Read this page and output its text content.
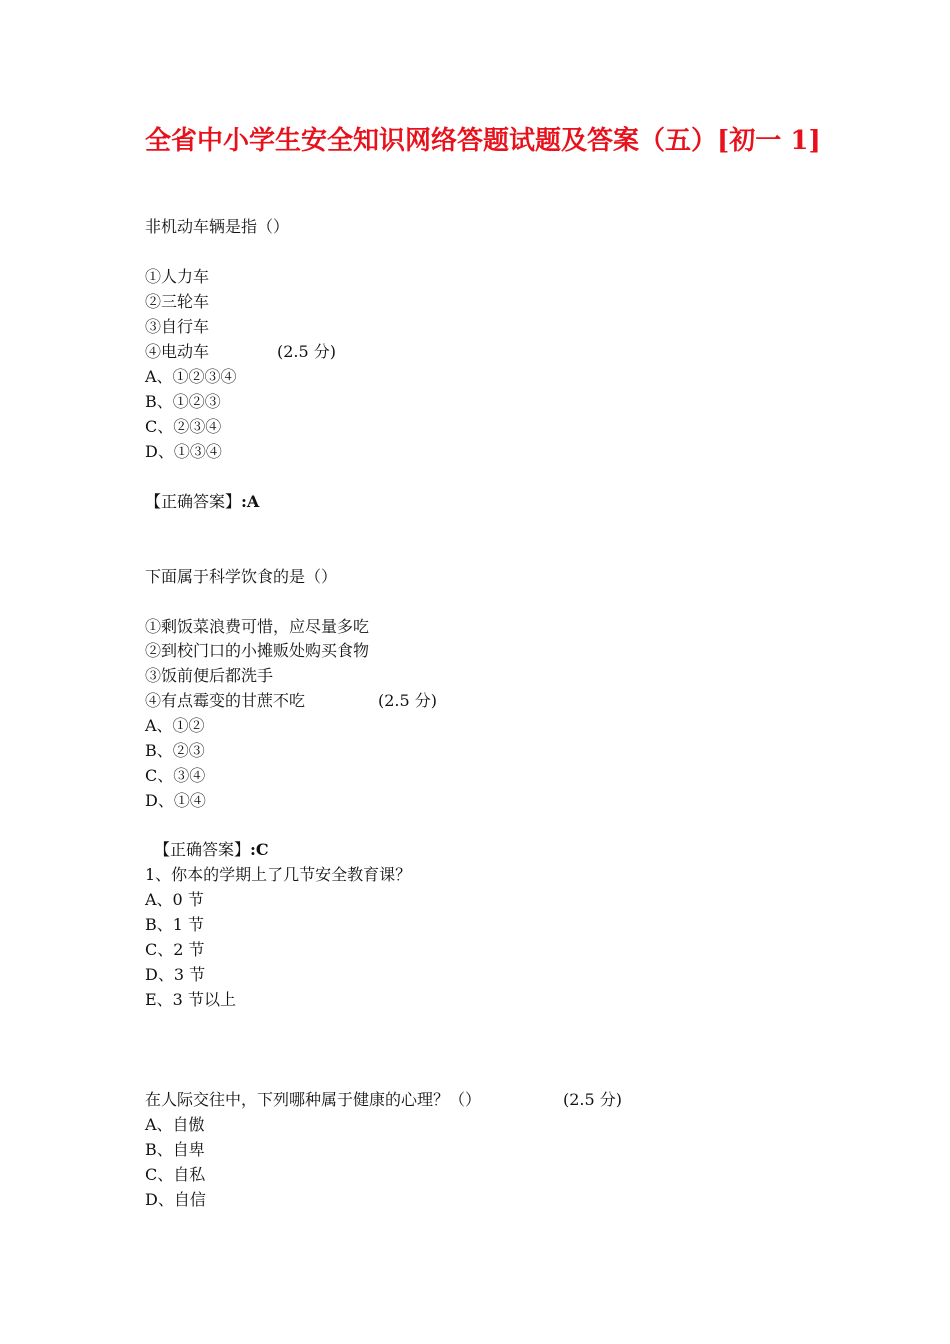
全省中小学生安全知识网络答题试题及答案（五）[初一 1]
非机动车辆是指（）
①人力车
②三轮车
③自行车
④电动车	(2.5 分)
A、①②③④
B、①②③
C、②③④
D、①③④
【正确答案】:A
下面属于科学饮食的是（）
①剩饭菜浪费可惜，应尽量多吃
②到校门口的小摊贩处购买食物
③饭前便后都洗手
④有点霉变的甘蔗不吃	(2.5 分)
A、①②
B、②③
C、③④
D、①④
【正确答案】:C
1、你本的学期上了几节安全教育课？
A、0 节
B、1 节
C、2 节
D、3 节
E、3 节以上
在人际交往中，下列哪种属于健康的心理？（）	(2.5 分)
A、自傲
B、自卑
C、自私
D、自信
